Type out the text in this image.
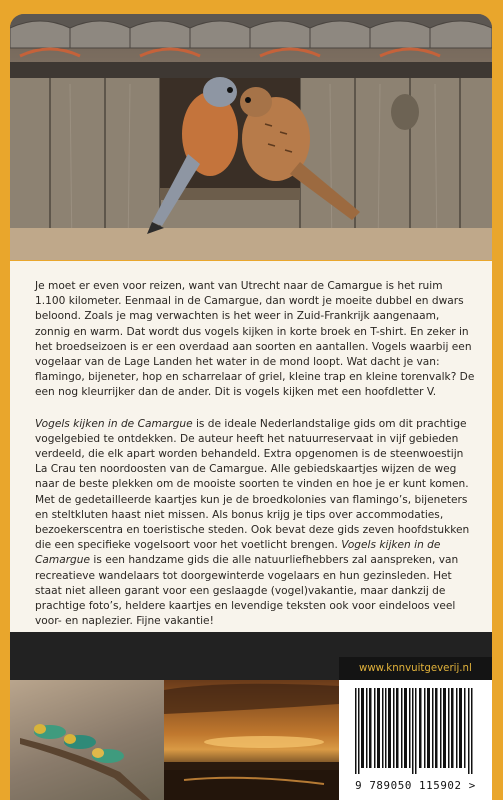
Je moet er even voor reizen, want van Utrecht naar de Camargue is het ruim 1.100 kilometer. Eenmaal in de Camargue, dan wordt je moeite dubbel en dwars beloond. Zoals je mag verwachten is het weer in Zuid-Frankrijk aangenaam, zonnig en warm. Dat wordt dus vogels kijken in korte broek en T-shirt. En zeker in het broedseizoen is er een overdaad aan soorten en aantallen. Vogels waarbij een vogelaar van de Lage Landen het water in de mond loopt. Wat dacht je van: flamingo, bijeneter, hop en scharrelaar of griel, kleine trap en kleine torenvalk? De een nog kleurrijker dan de ander. Dit is vogels kijken met een hoofdletter V.

Vogels kijken in de Camargue is de ideale Nederlandstalige gids om dit prachtige vogelgebied te ontdekken. De auteur heeft het natuurreservaat in vijf gebieden verdeeld, die elk apart worden behandeld. Extra opgenomen is de steenwoestijn La Crau ten noordoosten van de Camargue. Alle gebiedskaartjes wijzen de weg naar de beste plekken om de mooiste soorten te vinden en hoe je er kunt komen. Met de gedetailleerde kaartjes kun je de broedkolonies van flamingo’s, bijeneters en steltkluten haast niet missen. Als bonus krijg je tips over accommodaties, bezoekerscentra en toeristische steden. Ook bevat deze gids zeven hoofdstukken die een specifieke vogelsoort voor het voetlicht brengen. Vogels kijken in de Camargue is een handzame gids die alle natuurliefhebbers zal aanspreken, van recreatieve wandelaars tot doorgewinterde vogelaars en hun gezinsleden. Het staat niet alleen garant voor een geslaagde (vogel)vakantie, maar dankzij de prachtige foto’s, heldere kaartjes en levendige teksten ook voor eindeloos veel voor- en naplezier. Fijne vakantie!

www.knnvuitgeverij.nl
9 789050 115902 >
